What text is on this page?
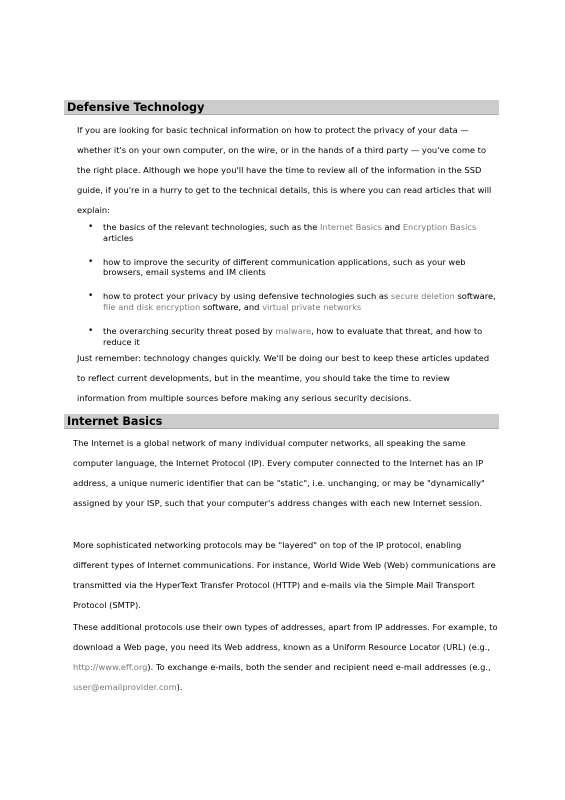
Defensive Technology

If you are looking for basic technical information on how to protect the privacy of your data — whether it's on your own computer, on the wire, or in the hands of a third party — you've come to the right place. Although we hope you'll have the time to review all of the information in the SSD guide, if you're in a hurry to get to the technical details, this is where you can read articles that will explain:

• the basics of the relevant technologies, such as the Internet Basics and Encryption Basics articles
• how to improve the security of different communication applications, such as your web browsers, email systems and IM clients
• how to protect your privacy by using defensive technologies such as secure deletion software, file and disk encryption software, and virtual private networks
• the overarching security threat posed by malware, how to evaluate that threat, and how to reduce it

Just remember: technology changes quickly. We'll be doing our best to keep these articles updated to reflect current developments, but in the meantime, you should take the time to review information from multiple sources before making any serious security decisions.

Internet Basics

The Internet is a global network of many individual computer networks, all speaking the same computer language, the Internet Protocol (IP). Every computer connected to the Internet has an IP address, a unique numeric identifier that can be "static", i.e. unchanging, or may be "dynamically" assigned by your ISP, such that your computer's address changes with each new Internet session.

More sophisticated networking protocols may be "layered" on top of the IP protocol, enabling different types of Internet communications. For instance, World Wide Web (Web) communications are transmitted via the HyperText Transfer Protocol (HTTP) and e-mails via the Simple Mail Transport Protocol (SMTP).

These additional protocols use their own types of addresses, apart from IP addresses. For example, to download a Web page, you need its Web address, known as a Uniform Resource Locator (URL) (e.g., http://www.eff.org). To exchange e-mails, both the sender and recipient need e-mail addresses (e.g., user@emailprovider.com).
